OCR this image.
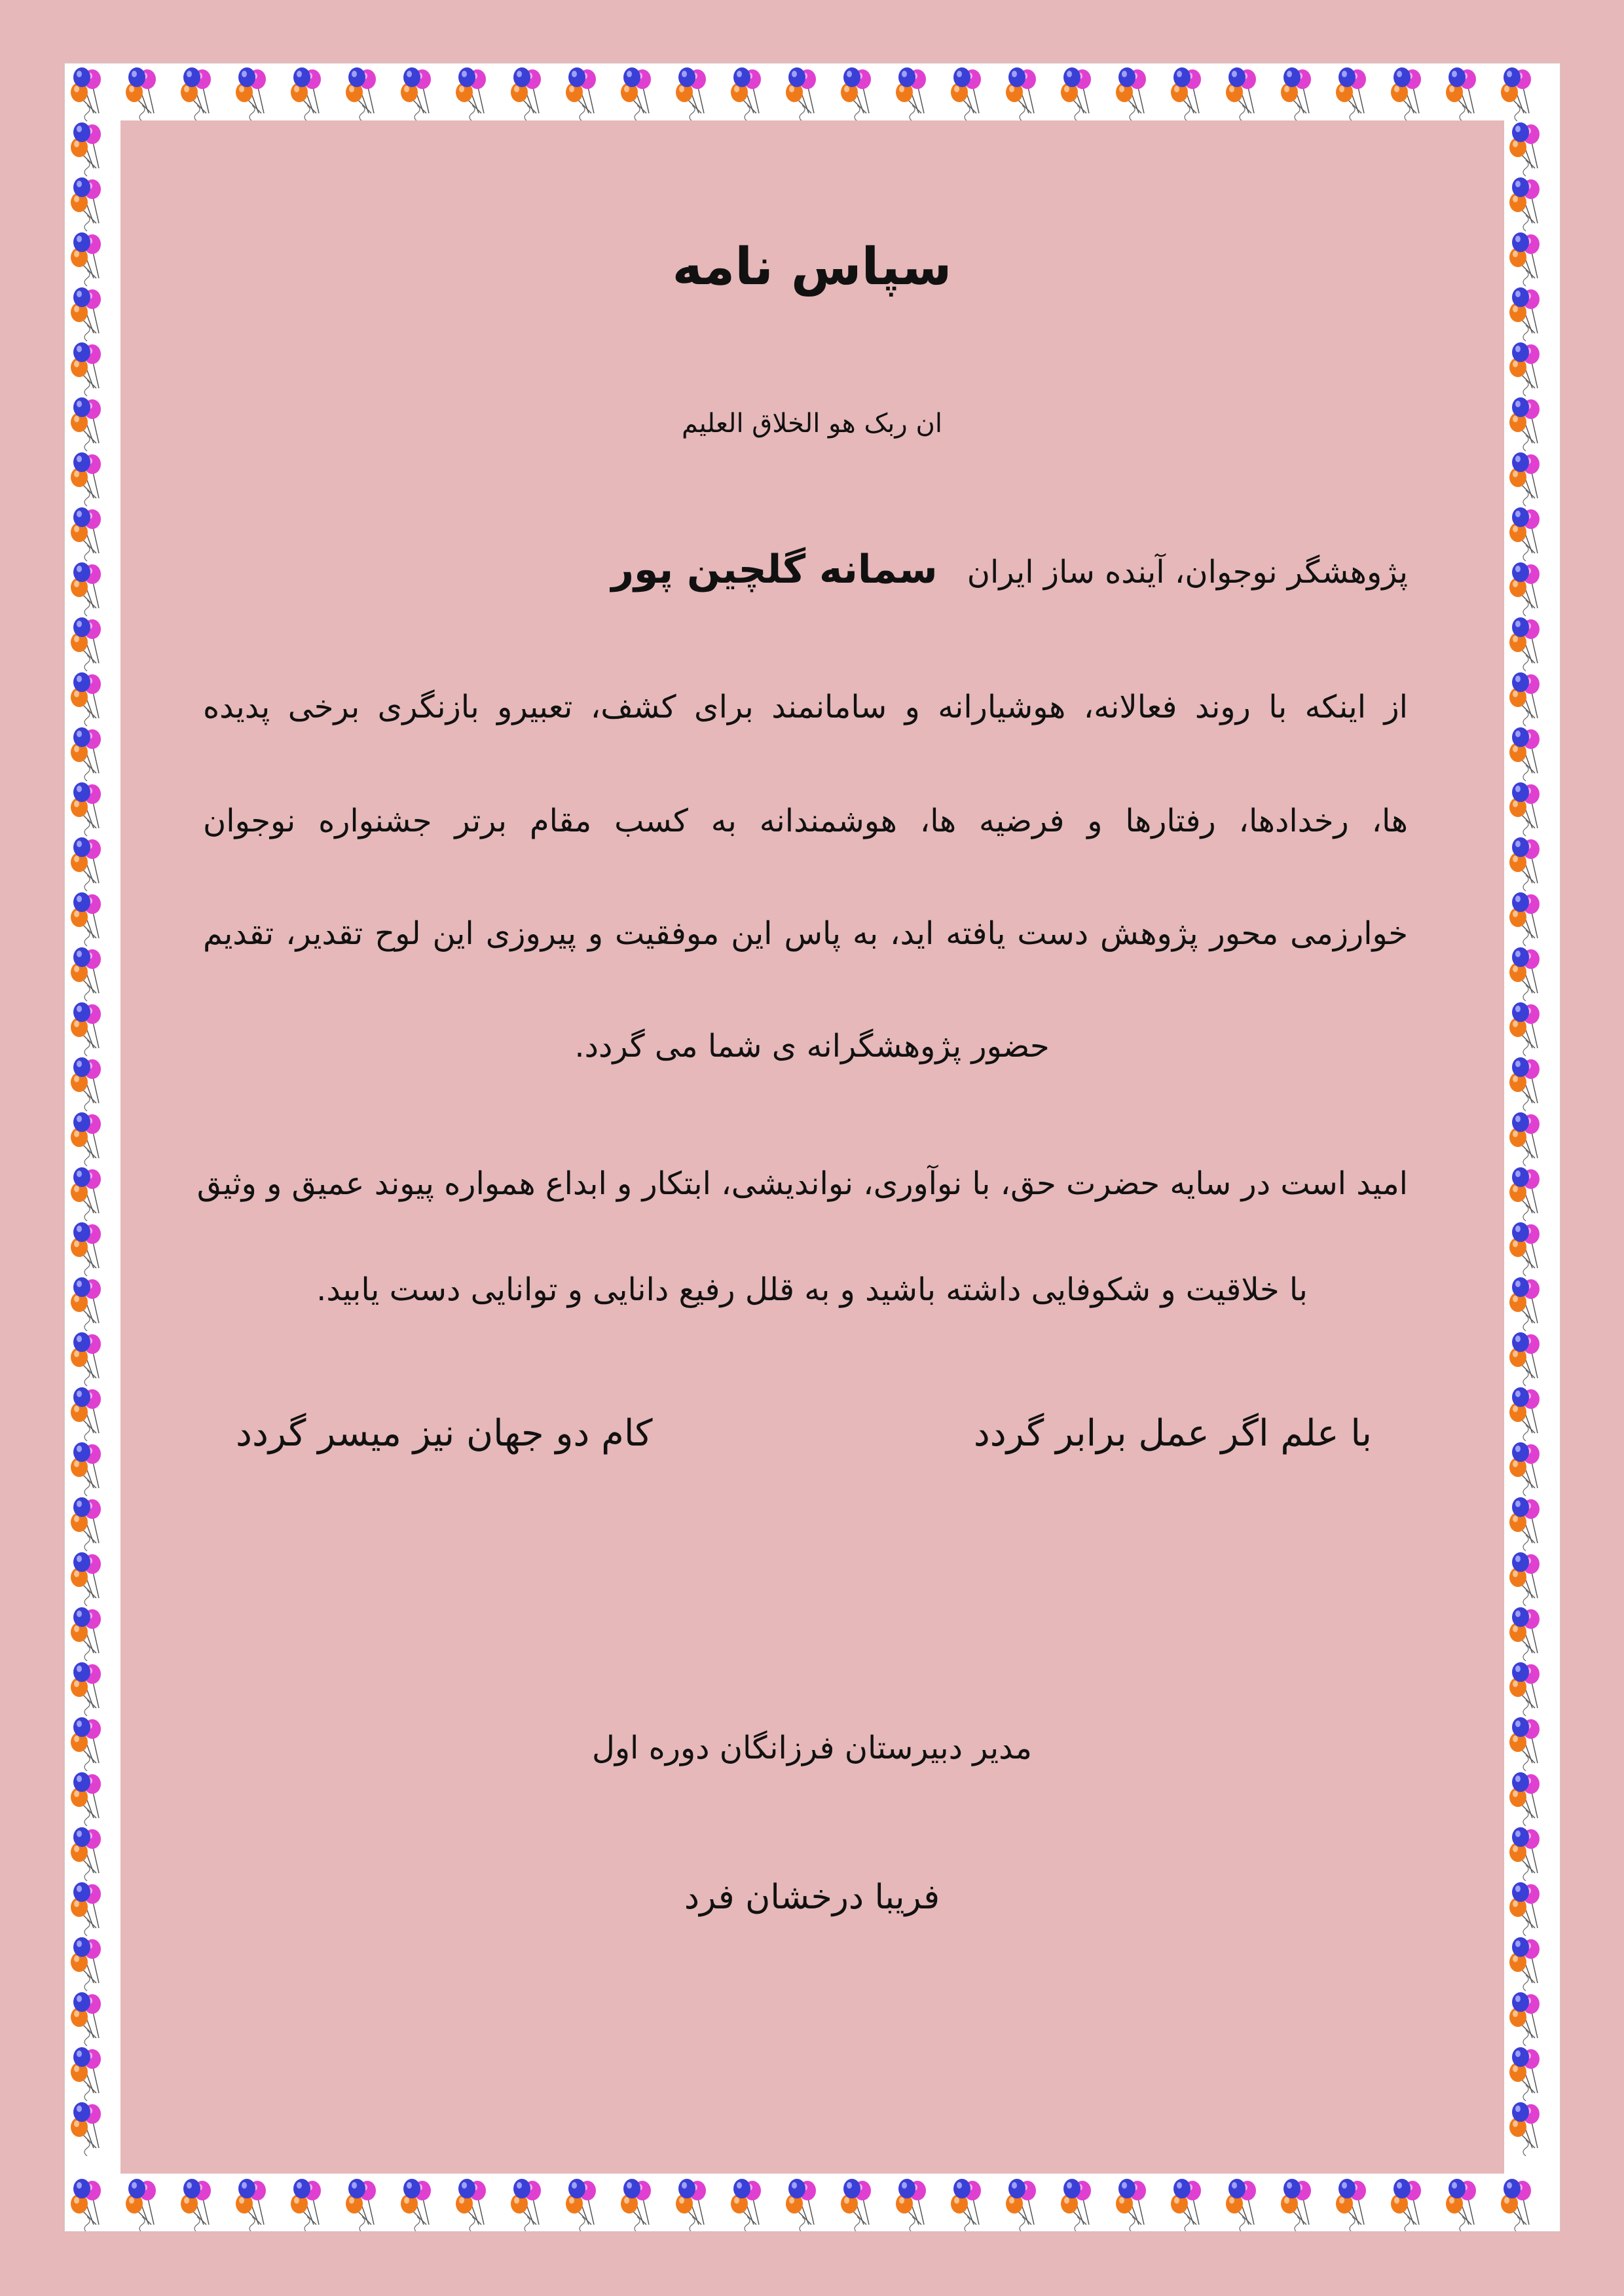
سپاس نامه
ان ربک هو الخلاق العلیم
پژوهشگر نوجوان، آینده ساز ایران سمانه گلچین پور
از اینکه با روند فعالانه، هوشیارانه و سامانمند برای کشف، تعبیرو بازنگری برخی پدیده
ها، رخدادها، رفتارها و فرضیه ها، هوشمندانه به کسب مقام برتر جشنواره نوجوان
خوارزمی محور پژوهش دست یافته اید، به پاس این موفقیت و پیروزی این لوح تقدیر، تقدیم
حضور پژوهشگرانه ی شما می گردد.
امید است در سایه حضرت حق، با نوآوری، نواندیشی، ابتکار و ابداع همواره پیوند عمیق و وثیق
با خلاقیت و شکوفایی داشته باشید و به قلل رفیع دانایی و توانایی دست یابید.
با علم اگر عمل برابر گردد
کام دو جهان نیز میسر گردد
مدیر دبیرستان فرزانگان دوره اول
فریبا درخشان فرد
